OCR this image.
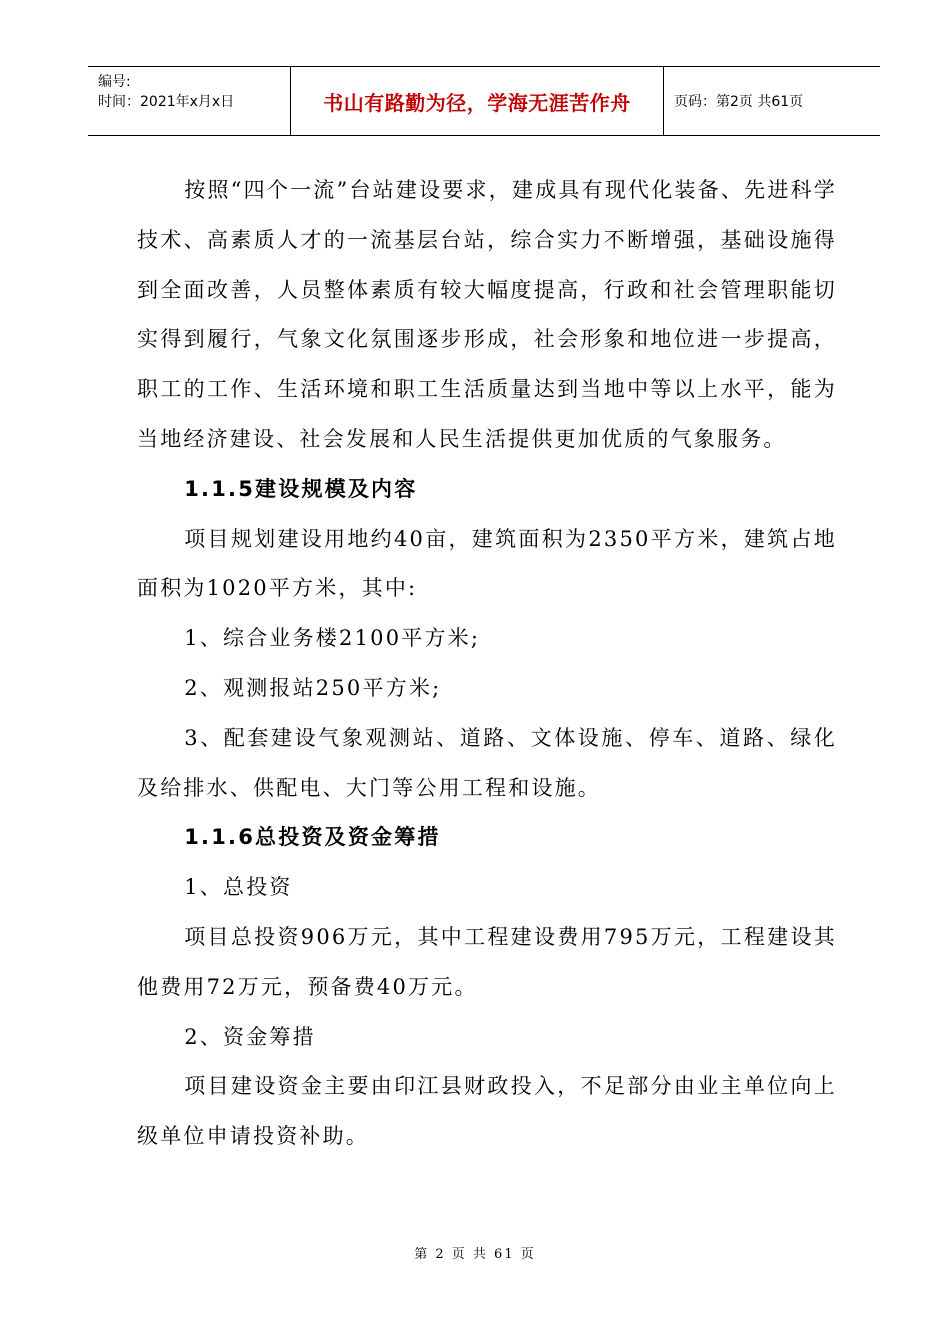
编号:
时间：2021年x月x日	书山有路勤为径，学海无涯苦作舟	页码：第2页 共61页

按照“四个一流”台站建设要求，建成具有现代化装备、先进科学技术、高素质人才的一流基层台站，综合实力不断增强，基础设施得到全面改善，人员整体素质有较大幅度提高，行政和社会管理职能切实得到履行，气象文化氛围逐步形成，社会形象和地位进一步提高，职工的工作、生活环境和职工生活质量达到当地中等以上水平，能为当地经济建设、社会发展和人民生活提供更加优质的气象服务。

1.1.5建设规模及内容

项目规划建设用地约40亩，建筑面积为2350平方米，建筑占地面积为1020平方米，其中:

1、综合业务楼2100平方米;

2、观测报站250平方米;

3、配套建设气象观测站、道路、文体设施、停车、道路、绿化及给排水、供配电、大门等公用工程和设施。

1.1.6总投资及资金筹措

1、总投资

项目总投资906万元，其中工程建设费用795万元，工程建设其他费用72万元，预备费40万元。

2、资金筹措

项目建设资金主要由印江县财政投入，不足部分由业主单位向上级单位申请投资补助。

第 2 页 共 61 页
